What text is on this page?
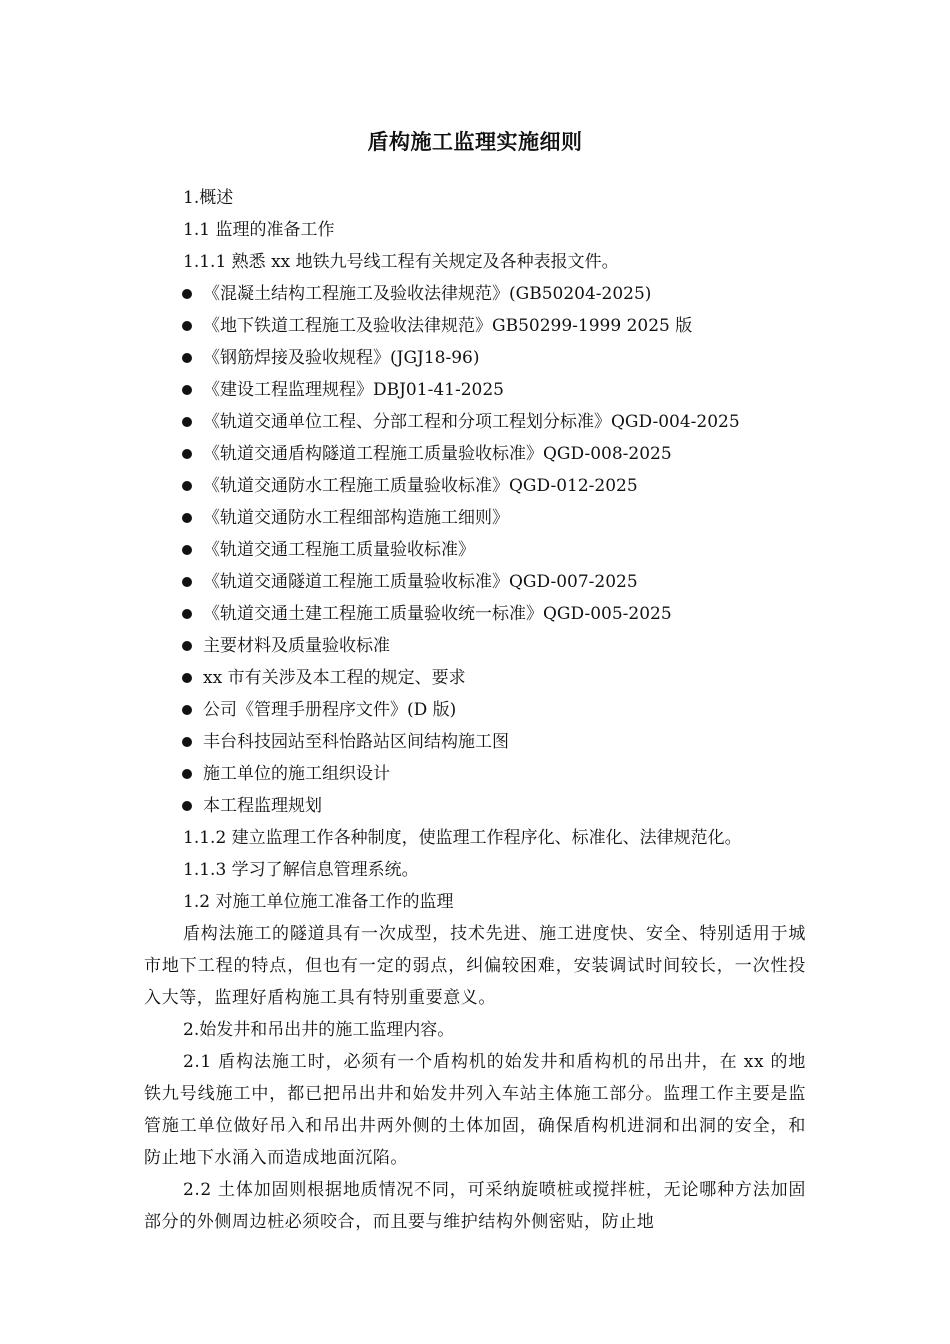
盾构施工监理实施细则
1.概述
1.1 监理的准备工作
1.1.1 熟悉 xx 地铁九号线工程有关规定及各种表报文件。
《混凝土结构工程施工及验收法律规范》(GB50204-2025)
《地下铁道工程施工及验收法律规范》GB50299-1999 2025 版
《钢筋焊接及验收规程》(JGJ18-96)
《建设工程监理规程》DBJ01-41-2025
《轨道交通单位工程、分部工程和分项工程划分标准》QGD-004-2025
《轨道交通盾构隧道工程施工质量验收标准》QGD-008-2025
《轨道交通防水工程施工质量验收标准》QGD-012-2025
《轨道交通防水工程细部构造施工细则》
《轨道交通工程施工质量验收标准》
《轨道交通隧道工程施工质量验收标准》QGD-007-2025
《轨道交通土建工程施工质量验收统一标准》QGD-005-2025
主要材料及质量验收标准
xx 市有关涉及本工程的规定、要求
公司《管理手册程序文件》(D 版)
丰台科技园站至科怡路站区间结构施工图
施工单位的施工组织设计
本工程监理规划
1.1.2 建立监理工作各种制度，使监理工作程序化、标准化、法律规范化。
1.1.3 学习了解信息管理系统。
1.2 对施工单位施工准备工作的监理
盾构法施工的隧道具有一次成型，技术先进、施工进度快、安全、特别适用于城市地下工程的特点，但也有一定的弱点，纠偏较困难，安装调试时间较长，一次性投入大等，监理好盾构施工具有特别重要意义。
2.始发井和吊出井的施工监理内容。
2.1 盾构法施工时，必须有一个盾构机的始发井和盾构机的吊出井，在 xx 的地铁九号线施工中，都已把吊出井和始发井列入车站主体施工部分。监理工作主要是监管施工单位做好吊入和吊出井两外侧的土体加固，确保盾构机进洞和出洞的安全，和防止地下水涌入而造成地面沉陷。
2.2 土体加固则根据地质情况不同，可采纳旋喷桩或搅拌桩，无论哪种方法加固部分的外侧周边桩必须咬合，而且要与维护结构外侧密贴，防止地
